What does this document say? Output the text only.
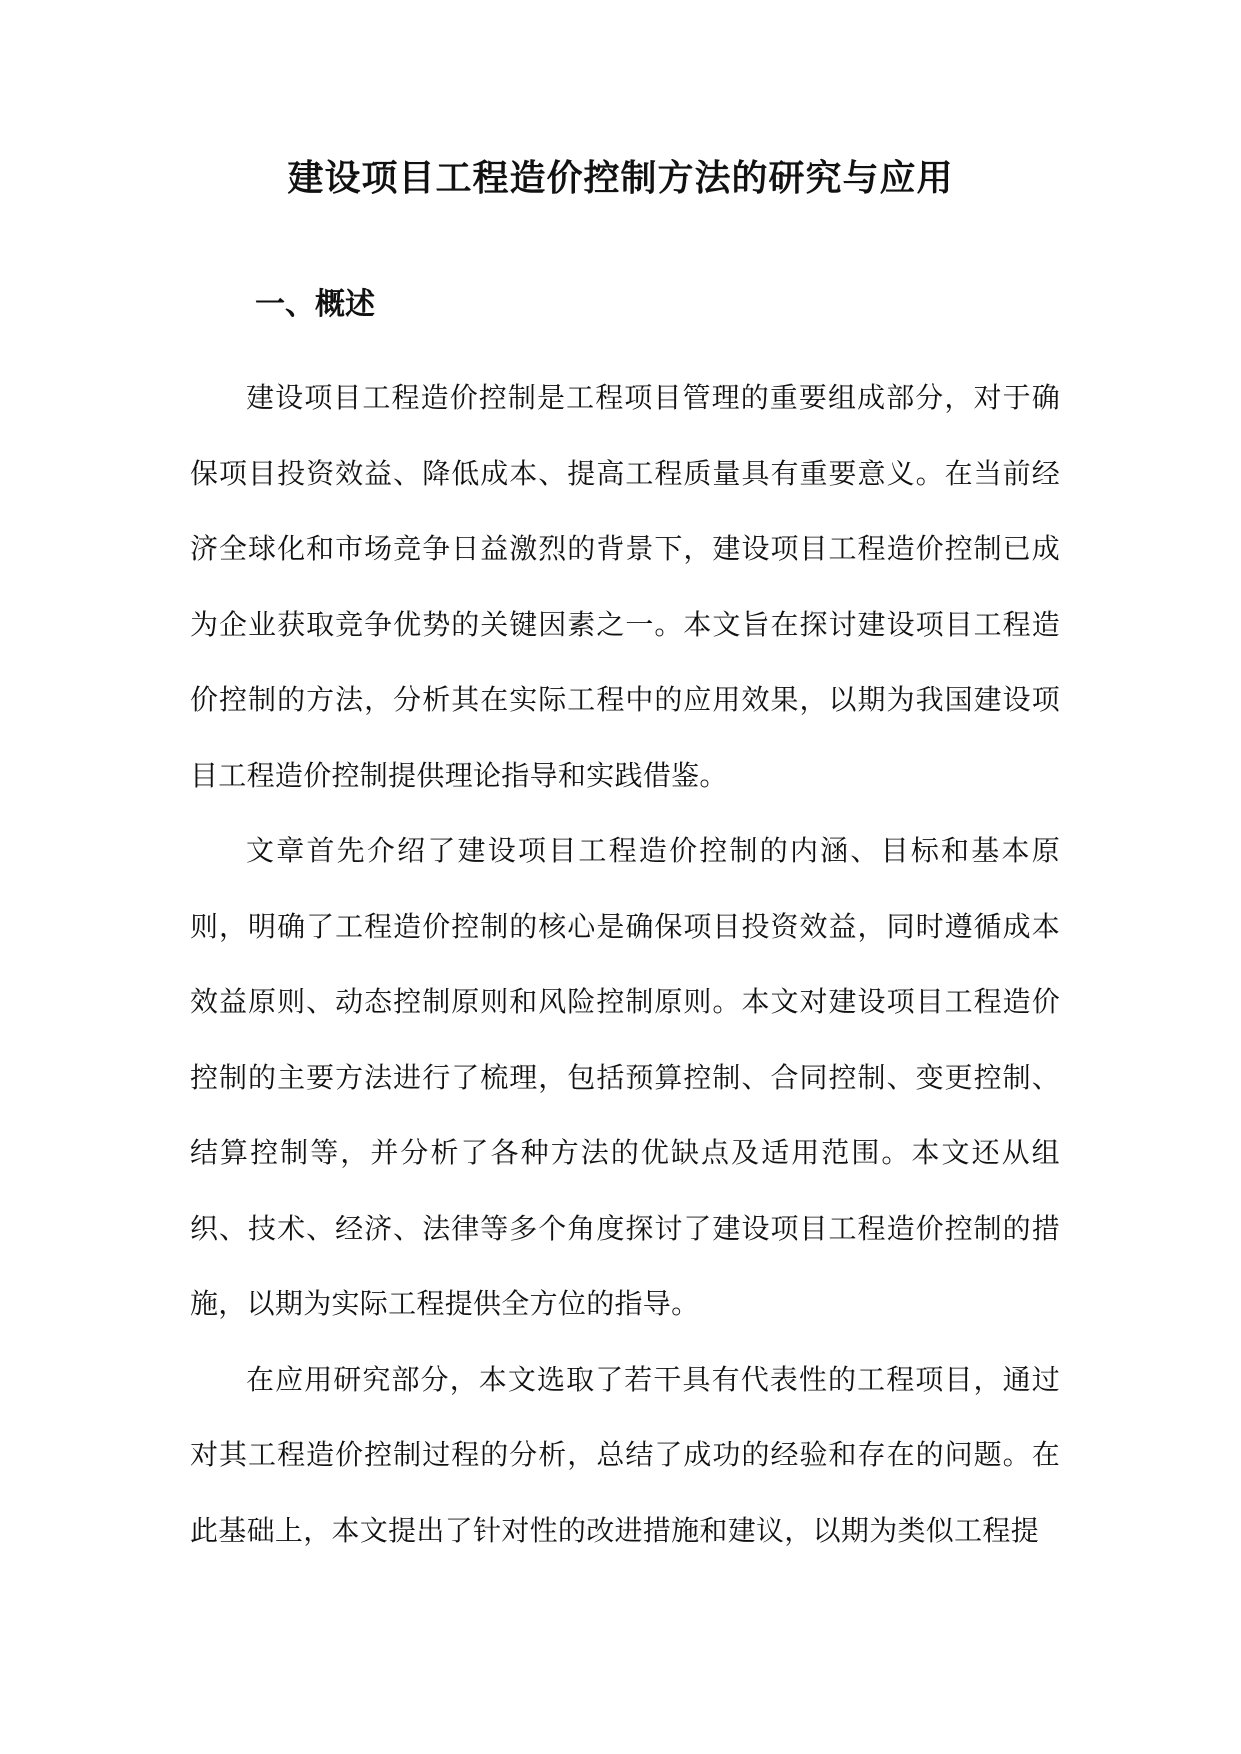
建设项目工程造价控制方法的研究与应用
一、概述

建设项目工程造价控制是工程项目管理的重要组成部分，对于确保项目投资效益、降低成本、提高工程质量具有重要意义。在当前经济全球化和市场竞争日益激烈的背景下，建设项目工程造价控制已成为企业获取竞争优势的关键因素之一。本文旨在探讨建设项目工程造价控制的方法，分析其在实际工程中的应用效果，以期为我国建设项目工程造价控制提供理论指导和实践借鉴。

文章首先介绍了建设项目工程造价控制的内涵、目标和基本原则，明确了工程造价控制的核心是确保项目投资效益，同时遵循成本效益原则、动态控制原则和风险控制原则。本文对建设项目工程造价控制的主要方法进行了梳理，包括预算控制、合同控制、变更控制、结算控制等，并分析了各种方法的优缺点及适用范围。本文还从组织、技术、经济、法律等多个角度探讨了建设项目工程造价控制的措施，以期为实际工程提供全方位的指导。

在应用研究部分，本文选取了若干具有代表性的工程项目，通过对其工程造价控制过程的分析，总结了成功的经验和存在的问题。在此基础上，本文提出了针对性的改进措施和建议，以期为类似工程提
